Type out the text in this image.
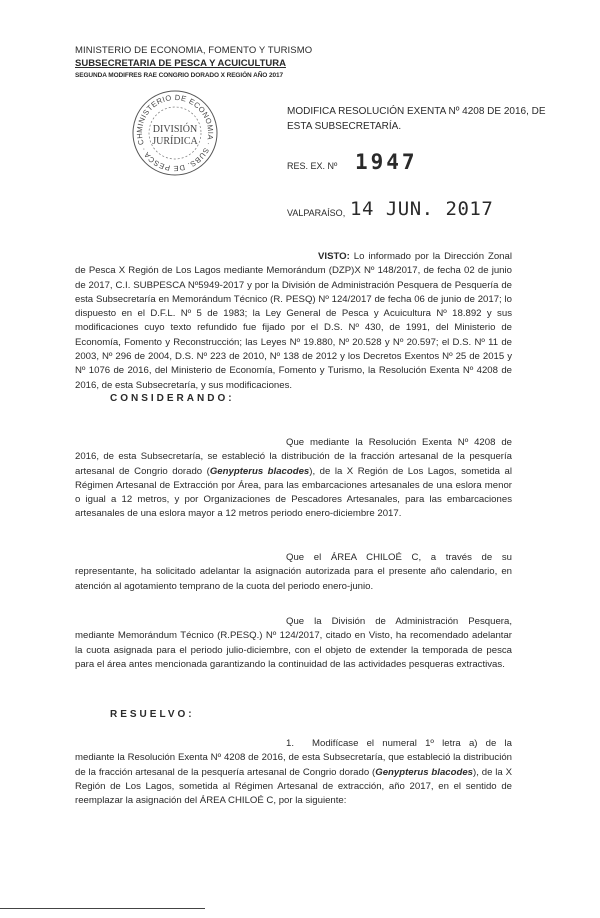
MINISTERIO DE ECONOMIA, FOMENTO Y TURISMO
SUBSECRETARIA DE PESCA Y ACUICULTURA
SEGUNDA MODIFRES RAE CONGRIO DORADO X REGIÓN AÑO 2017
MINISTERIO DE ECONOMIA · SUBS. DE PESCA · CH
DIVISIÓN
JURÍDICA
MODIFICA RESOLUCIÓN EXENTA Nº 4208 DE 2016, DE ESTA SUBSECRETARÍA.
RES. EX. Nº 1947
VALPARAÍSO, 14 JUN. 2017
VISTO: Lo informado por la Dirección Zonal de Pesca X Región de Los Lagos mediante Memorándum (DZP)X Nº 148/2017, de fecha 02 de junio de 2017, C.I. SUBPESCA Nº5949-2017 y por la División de Administración Pesquera de Pesquería de esta Subsecretaría en Memorándum Técnico (R. PESQ) Nº 124/2017 de fecha 06 de junio de 2017; lo dispuesto en el D.F.L. Nº 5 de 1983; la Ley General de Pesca y Acuicultura Nº 18.892 y sus modificaciones cuyo texto refundido fue fijado por el D.S. Nº 430, de 1991, del Ministerio de Economía, Fomento y Reconstrucción; las Leyes Nº 19.880, Nº 20.528 y Nº 20.597; el D.S. Nº 11 de 2003, Nº 296 de 2004, D.S. Nº 223 de 2010, Nº 138 de 2012 y los Decretos Exentos Nº 25 de 2015 y Nº 1076 de 2016, del Ministerio de Economía, Fomento y Turismo, la Resolución Exenta Nº 4208 de 2016, de esta Subsecretaría, y sus modificaciones.
CONSIDERANDO:
Que mediante la Resolución Exenta Nº 4208 de 2016, de esta Subsecretaría, se estableció la distribución de la fracción artesanal de la pesquería artesanal de Congrio dorado (Genypterus blacodes), de la X Región de Los Lagos, sometida al Régimen Artesanal de Extracción por Área, para las embarcaciones artesanales de una eslora menor o igual a 12 metros, y por Organizaciones de Pescadores Artesanales, para las embarcaciones artesanales de una eslora mayor a 12 metros periodo enero-diciembre 2017.
Que el ÁREA CHILOÉ C, a través de su representante, ha solicitado adelantar la asignación autorizada para el presente año calendario, en atención al agotamiento temprano de la cuota del periodo enero-junio.
Que la División de Administración Pesquera, mediante Memorándum Técnico (R.PESQ.) Nº 124/2017, citado en Visto, ha recomendado adelantar la cuota asignada para el periodo julio-diciembre, con el objeto de extender la temporada de pesca para el área antes mencionada garantizando la continuidad de las actividades pesqueras extractivas.
RESUELVO:
1. Modifícase el numeral 1º letra a) de la mediante la Resolución Exenta Nº 4208 de 2016, de esta Subsecretaría, que estableció la distribución de la fracción artesanal de la pesquería artesanal de Congrio dorado (Genypterus blacodes), de la X Región de Los Lagos, sometida al Régimen Artesanal de extracción, año 2017, en el sentido de reemplazar la asignación del ÁREA CHILOÉ C, por la siguiente:
